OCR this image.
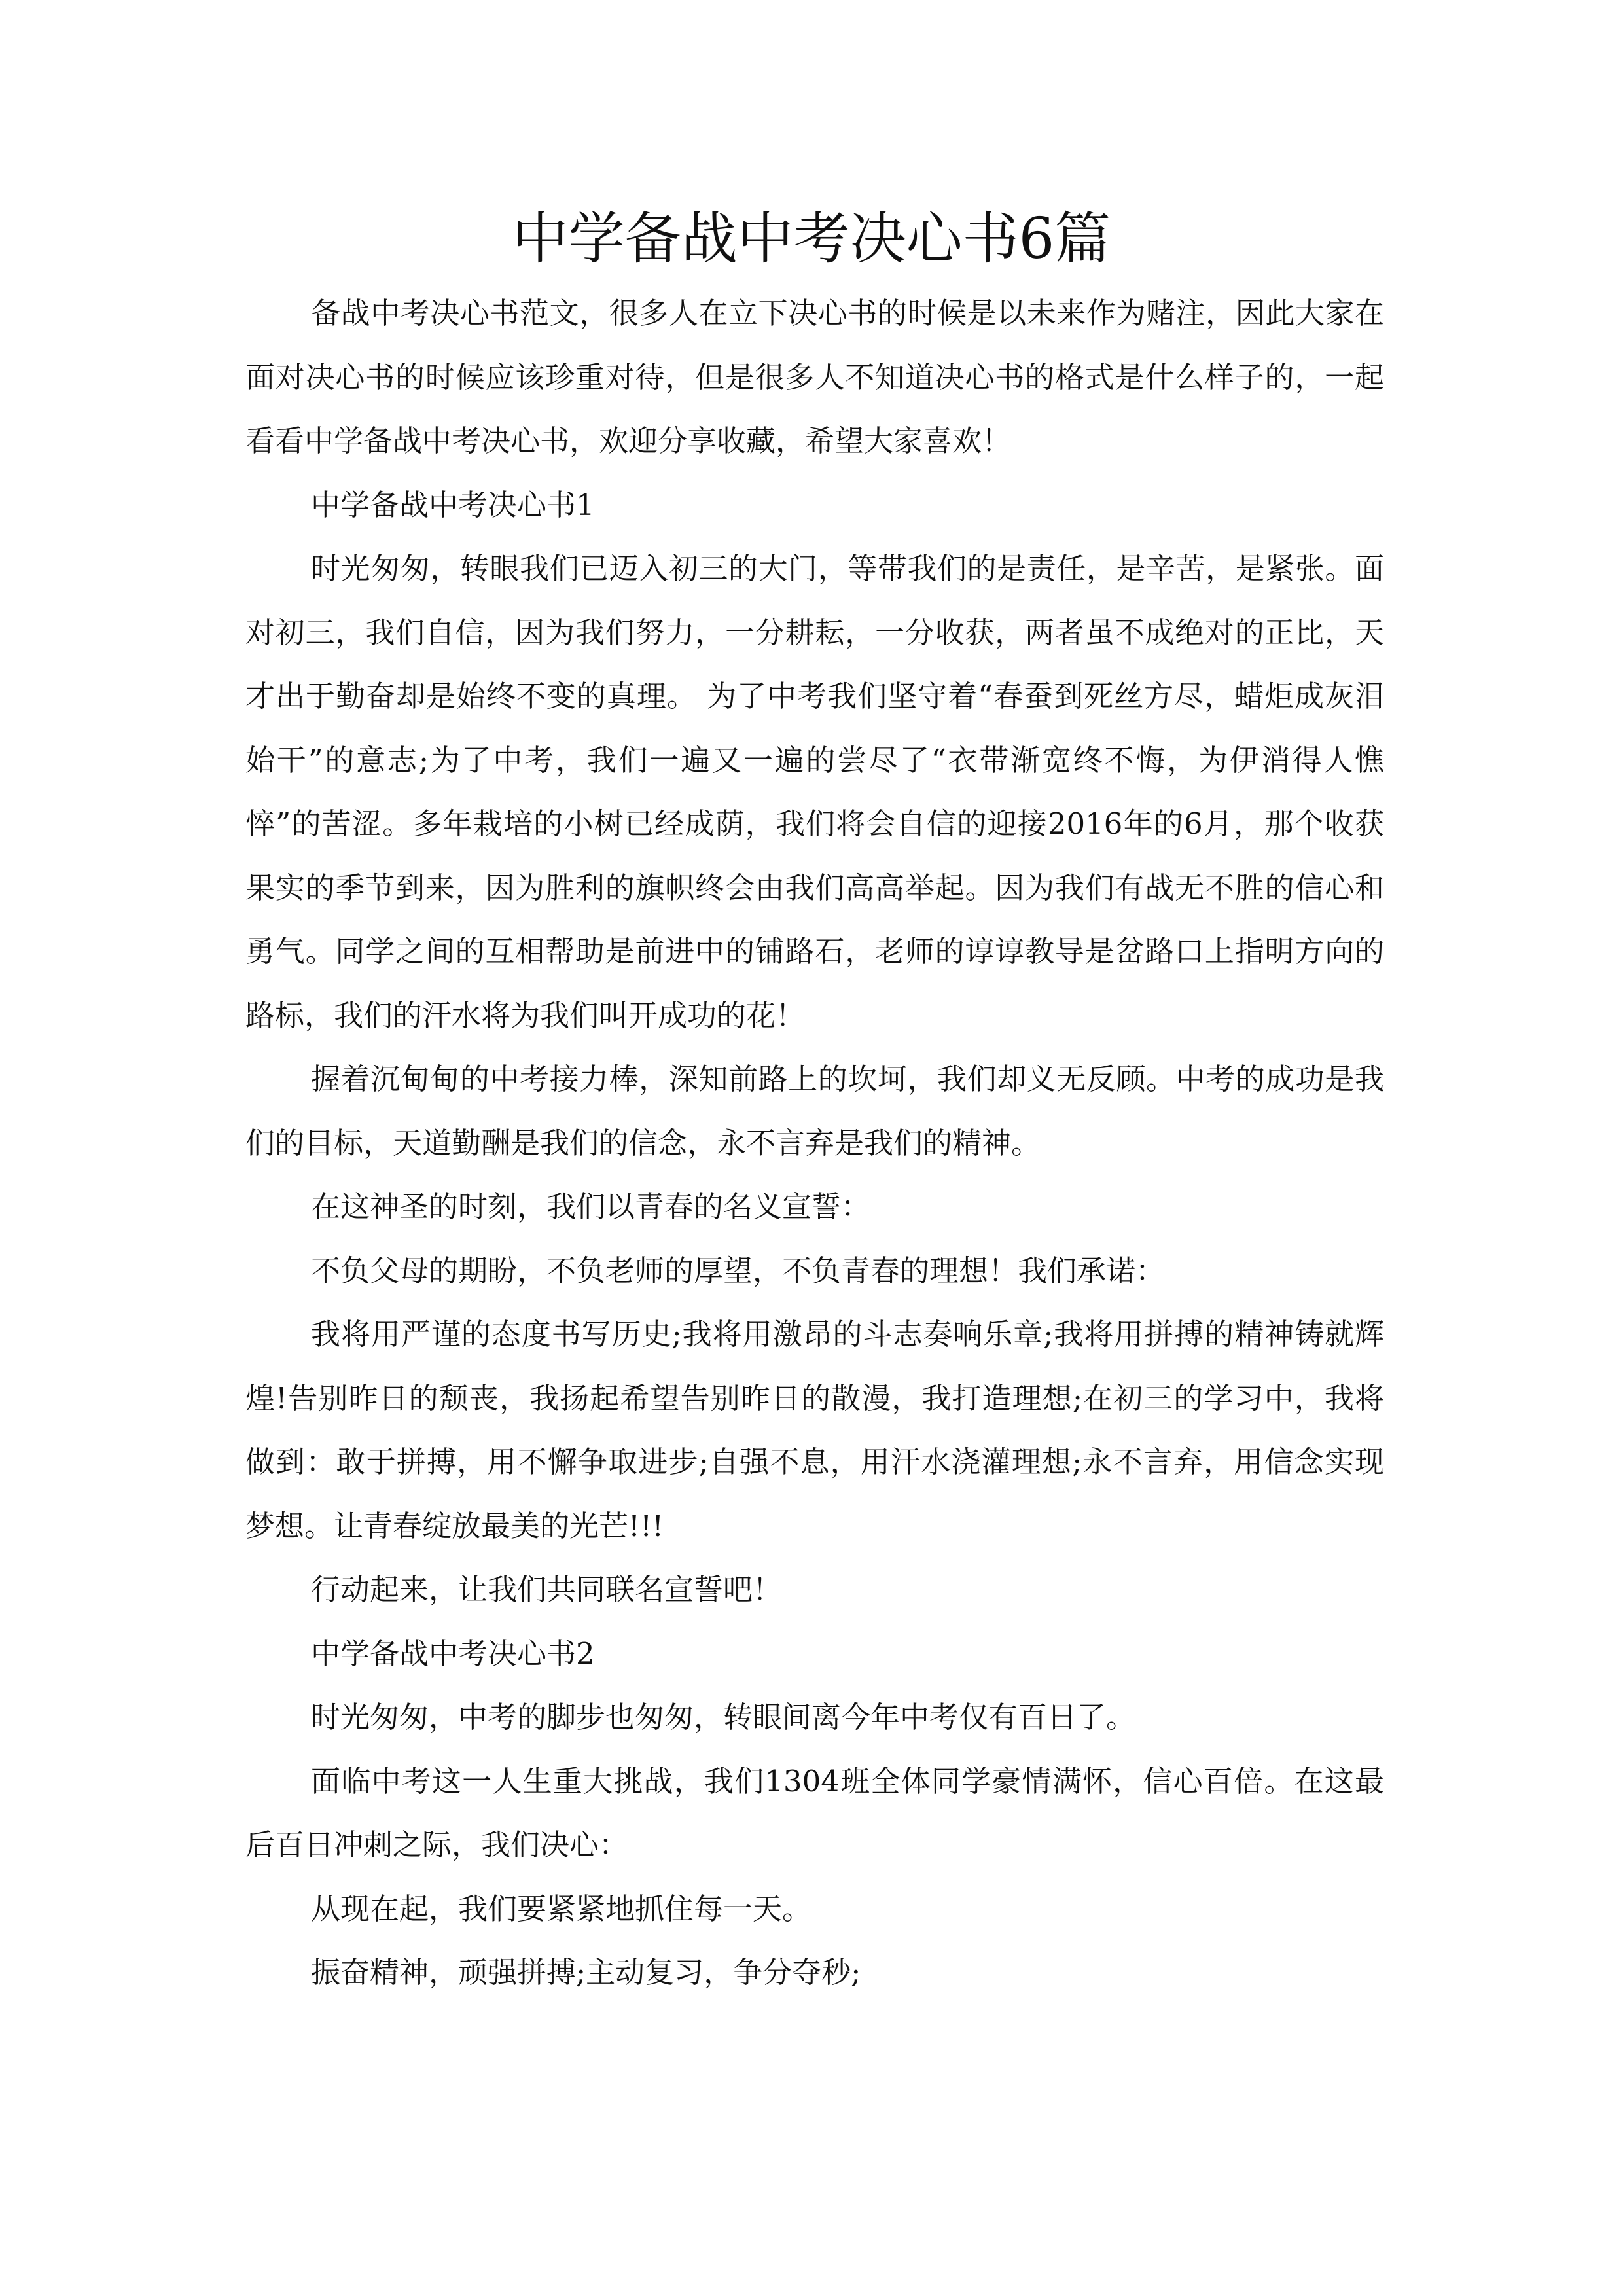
中学备战中考决心书6篇

备战中考决心书范文，很多人在立下决心书的时候是以未来作为赌注，因此大家在面对决心书的时候应该珍重对待，但是很多人不知道决心书的格式是什么样子的，一起看看中学备战中考决心书，欢迎分享收藏，希望大家喜欢！

中学备战中考决心书1

时光匆匆，转眼我们已迈入初三的大门，等带我们的是责任，是辛苦，是紧张。面对初三，我们自信，因为我们努力，一分耕耘，一分收获，两者虽不成绝对的正比，天才出于勤奋却是始终不变的真理。 为了中考我们坚守着“春蚕到死丝方尽，蜡炬成灰泪始干”的意志;为了中考，我们一遍又一遍的尝尽了“衣带渐宽终不悔，为伊消得人憔悴”的苦涩。多年栽培的小树已经成荫，我们将会自信的迎接2016年的6月，那个收获果实的季节到来，因为胜利的旗帜终会由我们高高举起。因为我们有战无不胜的信心和勇气。同学之间的互相帮助是前进中的铺路石，老师的谆谆教导是岔路口上指明方向的路标，我们的汗水将为我们叫开成功的花！

握着沉甸甸的中考接力棒，深知前路上的坎坷，我们却义无反顾。中考的成功是我们的目标，天道勤酬是我们的信念，永不言弃是我们的精神。

在这神圣的时刻，我们以青春的名义宣誓：

不负父母的期盼，不负老师的厚望，不负青春的理想！我们承诺：

我将用严谨的态度书写历史;我将用激昂的斗志奏响乐章;我将用拼搏的精神铸就辉煌!告别昨日的颓丧，我扬起希望告别昨日的散漫，我打造理想;在初三的学习中，我将做到：敢于拼搏，用不懈争取进步;自强不息，用汗水浇灌理想;永不言弃，用信念实现梦想。让青春绽放最美的光芒!!!

行动起来，让我们共同联名宣誓吧！

中学备战中考决心书2

时光匆匆，中考的脚步也匆匆，转眼间离今年中考仅有百日了。

面临中考这一人生重大挑战，我们1304班全体同学豪情满怀，信心百倍。在这最后百日冲刺之际，我们决心：

从现在起，我们要紧紧地抓住每一天。

振奋精神，顽强拼搏;主动复习，争分夺秒;
